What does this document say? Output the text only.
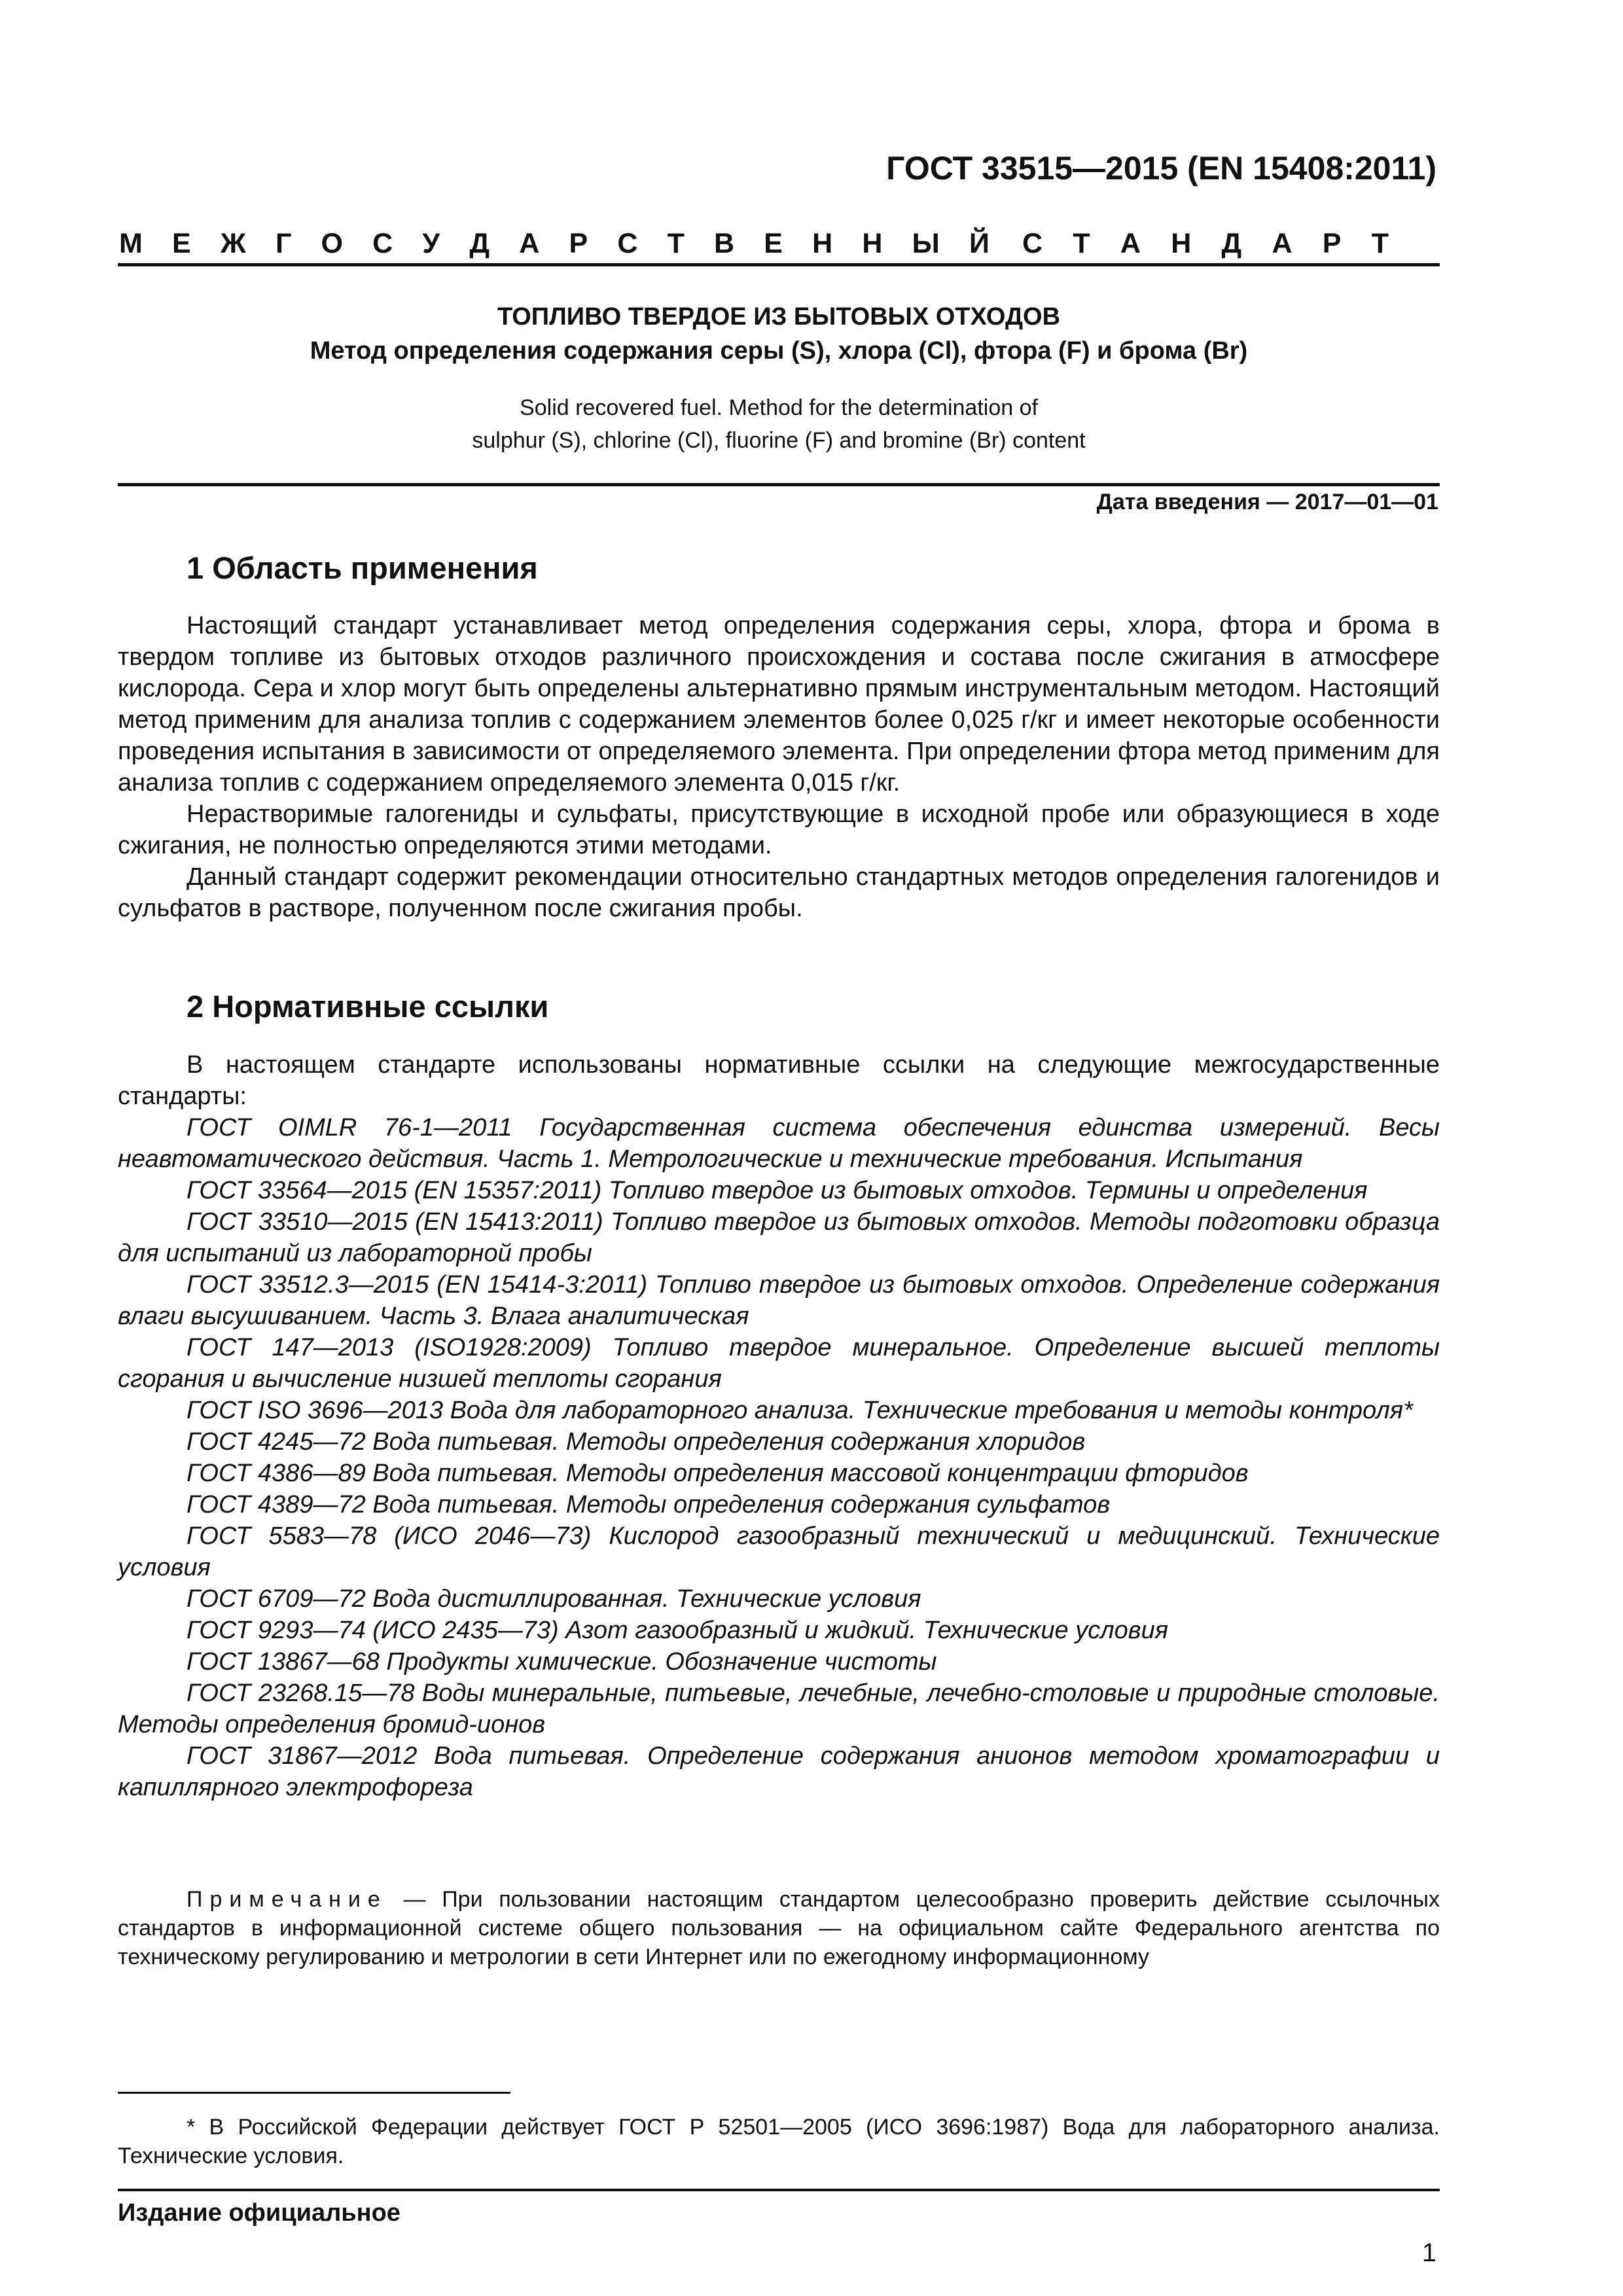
ГОСТ 33515—2015 (EN 15408:2011)
М Е Ж Г О С У Д А Р С Т В Е Н Н Ы Й С Т А Н Д А Р Т
ТОПЛИВО ТВЕРДОЕ ИЗ БЫТОВЫХ ОТХОДОВ
Метод определения содержания серы (S), хлора (Cl), фтора (F) и брома (Br)
Solid recovered fuel. Method for the determination of
sulphur (S), chlorine (Cl), fluorine (F) and bromine (Br) content
Дата введения — 2017—01—01
1 Область применения

Настоящий стандарт устанавливает метод определения содержания серы, хлора, фтора и брома в твердом топливе из бытовых отходов различного происхождения и состава после сжигания в атмосфере кислорода. Сера и хлор могут быть определены альтернативно прямым инструментальным методом. Настоящий метод применим для анализа топлив с содержанием элементов более 0,025 г/кг и имеет некоторые особенности проведения испытания в зависимости от определяемого элемента. При определении фтора метод применим для анализа топлив с содержанием определяемого элемента 0,015 г/кг.

Нерастворимые галогениды и сульфаты, присутствующие в исходной пробе или образующиеся в ходе сжигания, не полностью определяются этими методами.

Данный стандарт содержит рекомендации относительно стандартных методов определения галогенидов и сульфатов в растворе, полученном после сжигания пробы.

2 Нормативные ссылки

В настоящем стандарте использованы нормативные ссылки на следующие межгосударственные стандарты:

ГОСТ OIMLR 76-1—2011 Государственная система обеспечения единства измерений. Весы неавтоматического действия. Часть 1. Метрологические и технические требования. Испытания

ГОСТ 33564—2015 (EN 15357:2011) Топливо твердое из бытовых отходов. Термины и определения

ГОСТ 33510—2015 (EN 15413:2011) Топливо твердое из бытовых отходов. Методы подготовки образца для испытаний из лабораторной пробы

ГОСТ 33512.3—2015 (EN 15414-3:2011) Топливо твердое из бытовых отходов. Определение содержания влаги высушиванием. Часть 3. Влага аналитическая

ГОСТ 147—2013 (ISO1928:2009) Топливо твердое минеральное. Определение высшей теплоты сгорания и вычисление низшей теплоты сгорания

ГОСТ ISO 3696—2013 Вода для лабораторного анализа. Технические требования и методы контроля*

ГОСТ 4245—72 Вода питьевая. Методы определения содержания хлоридов

ГОСТ 4386—89 Вода питьевая. Методы определения массовой концентрации фторидов

ГОСТ 4389—72 Вода питьевая. Методы определения содержания сульфатов

ГОСТ 5583—78 (ИСО 2046—73) Кислород газообразный технический и медицинский. Технические условия

ГОСТ 6709—72 Вода дистиллированная. Технические условия

ГОСТ 9293—74 (ИСО 2435—73) Азот газообразный и жидкий. Технические условия

ГОСТ 13867—68 Продукты химические. Обозначение чистоты

ГОСТ 23268.15—78 Воды минеральные, питьевые, лечебные, лечебно-столовые и природные столовые. Методы определения бромид-ионов

ГОСТ 31867—2012 Вода питьевая. Определение содержания анионов методом хроматографии и капиллярного электрофореза

Примечание — При пользовании настоящим стандартом целесообразно проверить действие ссылочных стандартов в информационной системе общего пользования — на официальном сайте Федерального агентства по техническому регулированию и метрологии в сети Интернет или по ежегодному информационному
* В Российской Федерации действует ГОСТ Р 52501—2005 (ИСО 3696:1987) Вода для лабораторного анализа. Технические условия.
Издание официальное
1
